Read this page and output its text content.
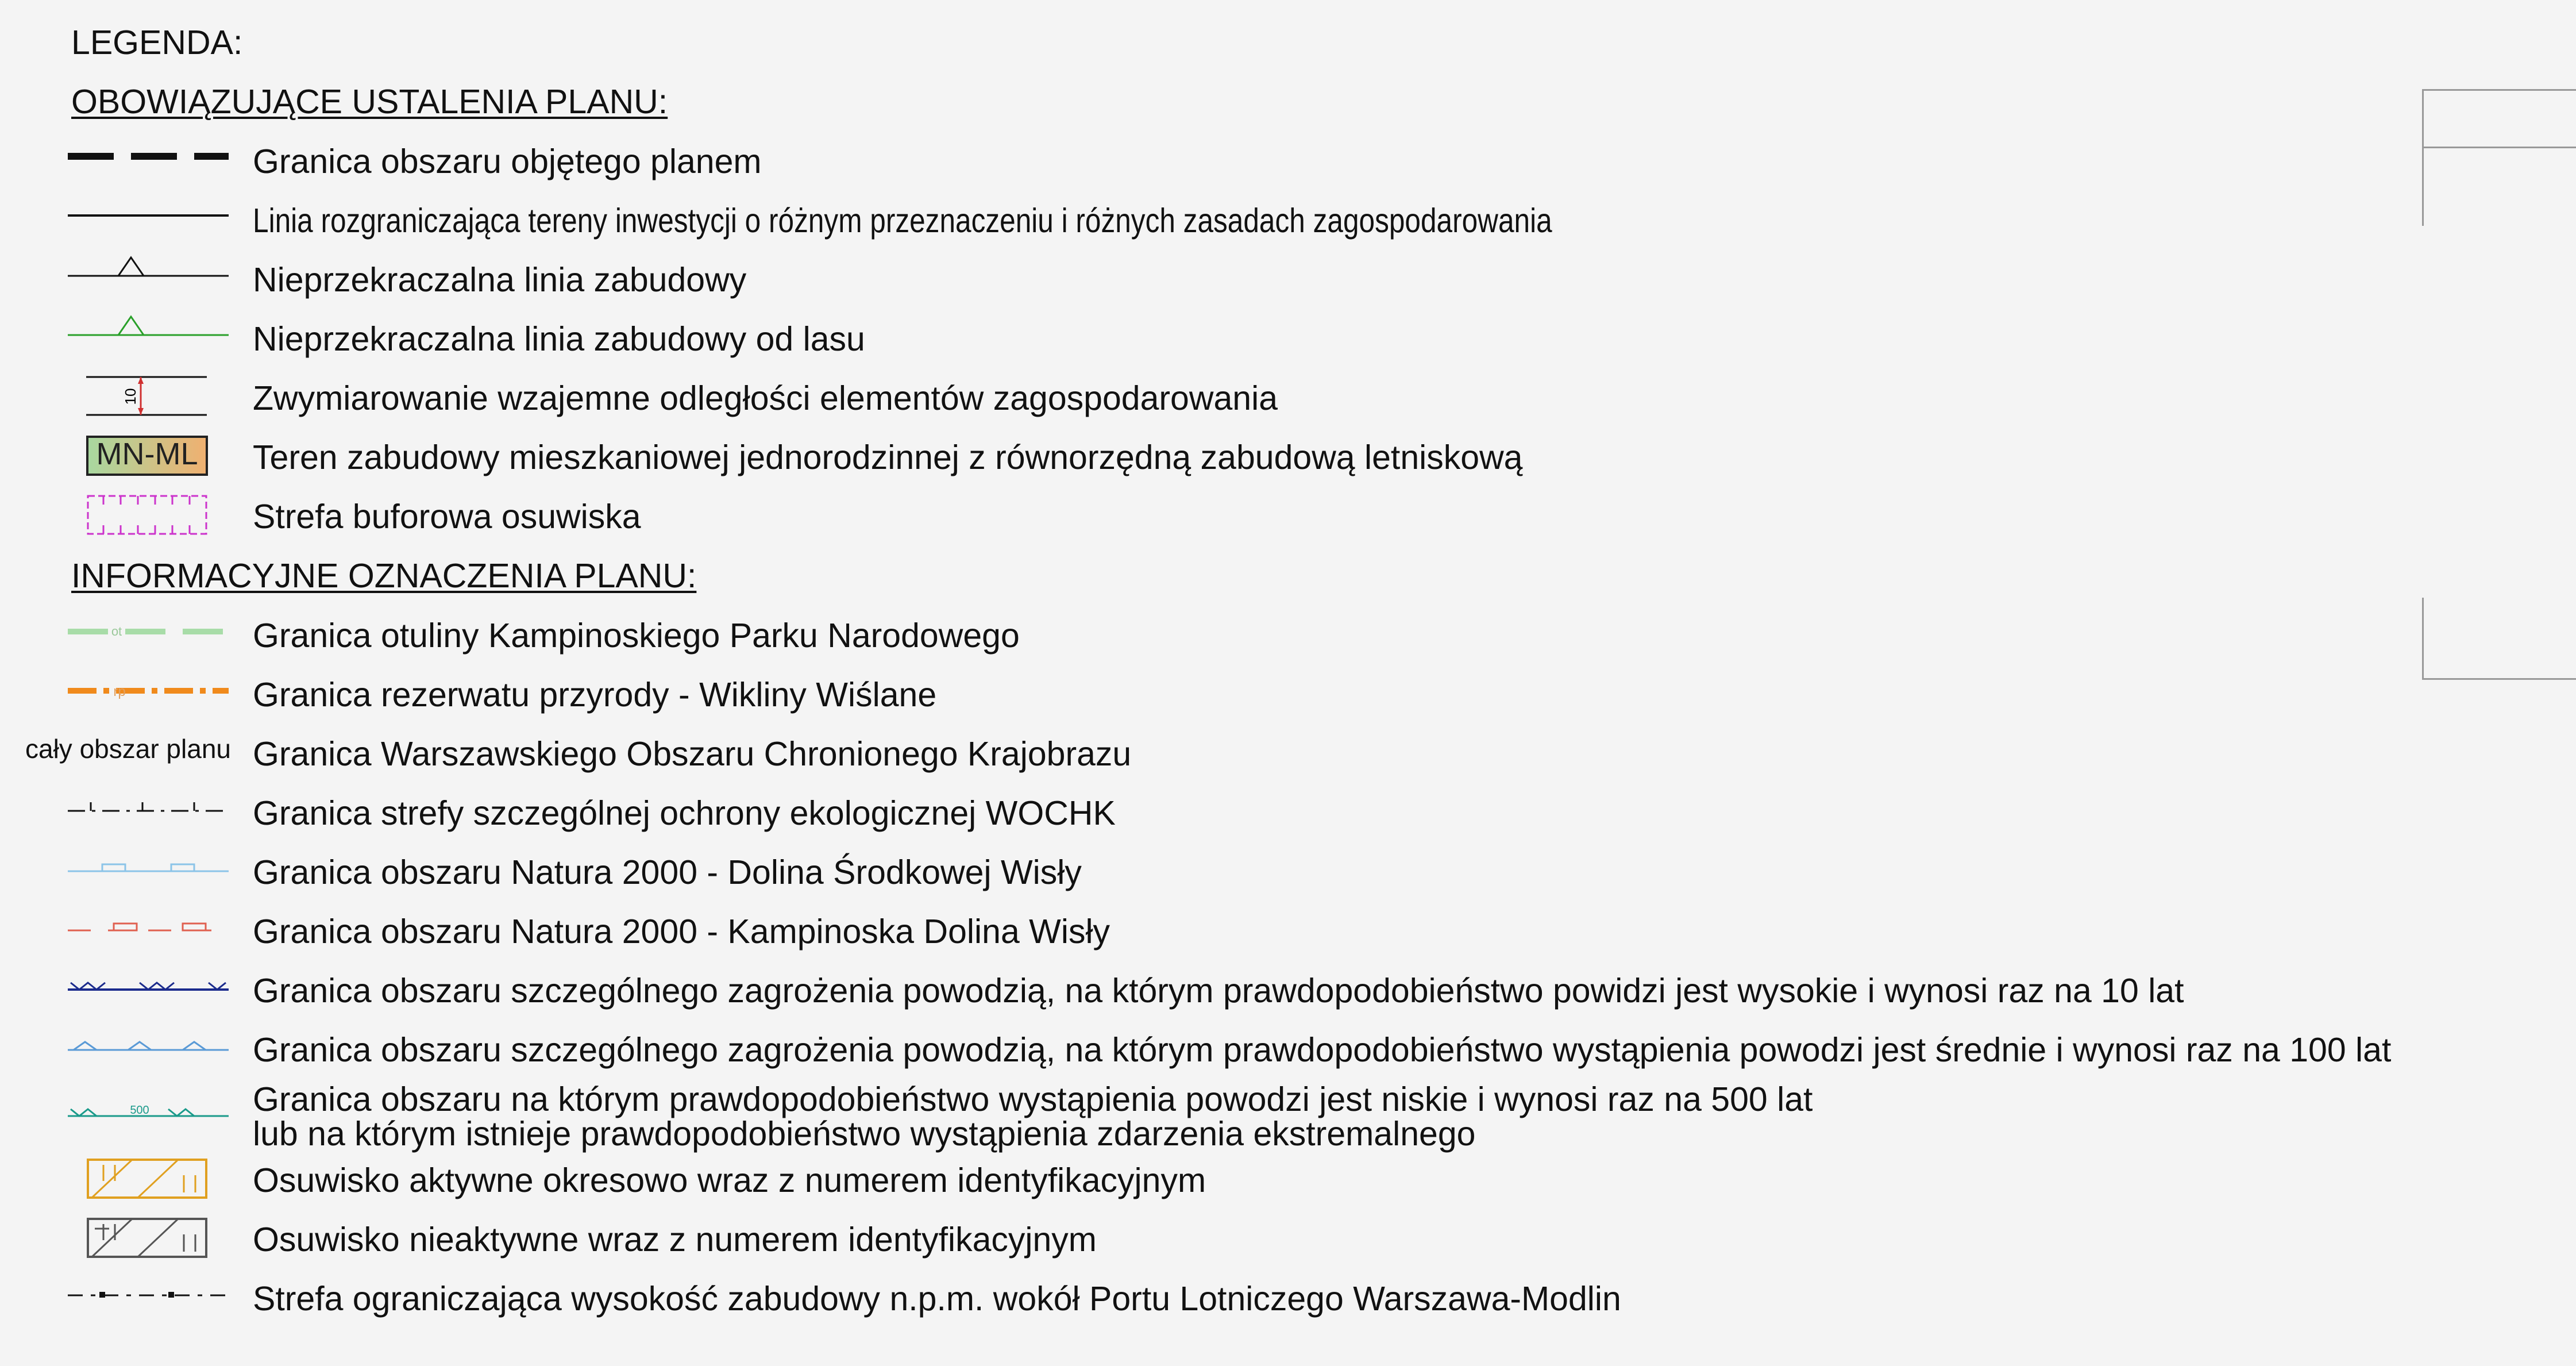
LEGENDA:
OBOWIĄZUJĄCE USTALENIA PLANU:
Granica obszaru objętego planem
Linia rozgraniczająca tereny inwestycji o różnym przeznaczeniu i różnych zasadach zagospodarowania
Nieprzekraczalna linia zabudowy
Nieprzekraczalna linia zabudowy od lasu
Zwymiarowanie wzajemne odległości elementów zagospodarowania
Teren zabudowy mieszkaniowej jednorodzinnej z równorzędną zabudową letniskową
Strefa buforowa osuwiska
INFORMACYJNE OZNACZENIA PLANU:
Granica otuliny Kampinoskiego Parku Narodowego
Granica rezerwatu przyrody - Wikliny Wiślane
cały obszar planu Granica Warszawskiego Obszaru Chronionego Krajobrazu
Granica strefy szczególnej ochrony ekologicznej WOCHK
Granica obszaru Natura 2000 - Dolina Środkowej Wisły
Granica obszaru Natura 2000 - Kampinoska Dolina Wisły
Granica obszaru szczególnego zagrożenia powodzią, na którym prawdopodobieństwo powidzi jest wysokie i wynosi raz na 10 lat
Granica obszaru szczególnego zagrożenia powodzią, na którym prawdopodobieństwo wystąpienia powodzi jest średnie i wynosi raz na 100 lat
Granica obszaru na którym prawdopodobieństwo wystąpienia powodzi jest niskie i wynosi raz na 500 lat
lub na którym istnieje prawdopodobieństwo wystąpienia zdarzenia ekstremalnego
Osuwisko aktywne okresowo wraz z numerem identyfikacyjnym
Osuwisko nieaktywne wraz z numerem identyfikacyjnym
Strefa ograniczająca wysokość zabudowy n.p.m. wokół Portu Lotniczego Warszawa-Modlin
10
MN-ML
ot
rp
500
